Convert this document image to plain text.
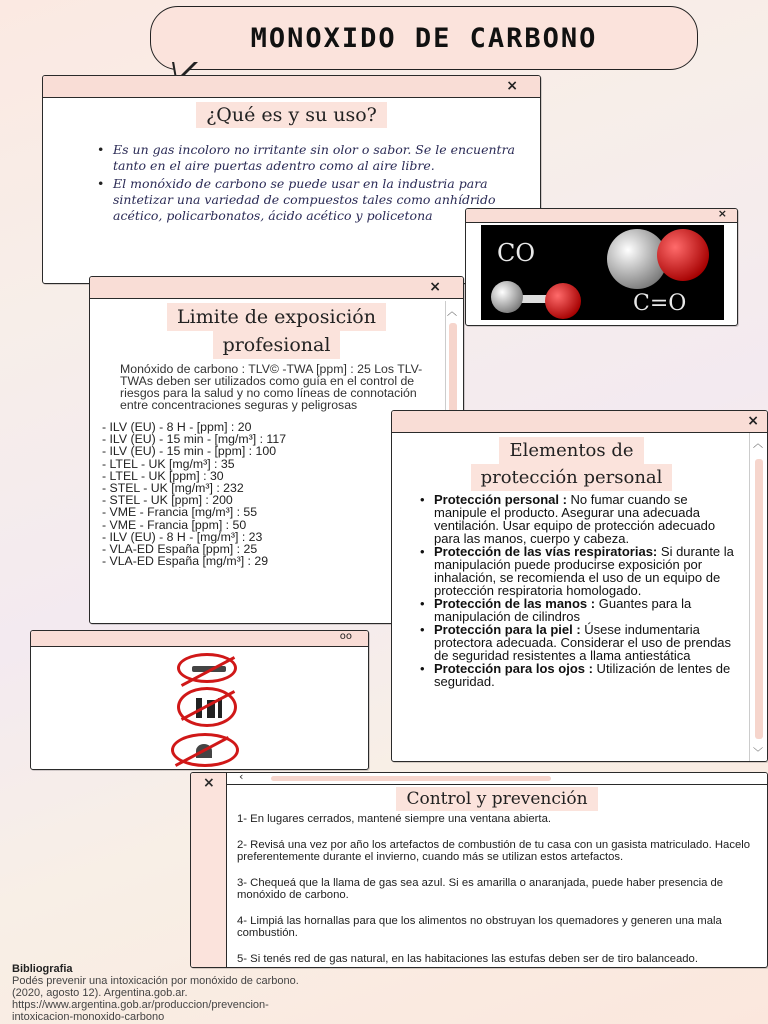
MONOXIDO DE CARBONO
×
¿Qué es y su uso?
• Es un gas incoloro no irritante sin olor o sabor. Se le encuentra tanto en el aire puertas adentro como al aire libre.
• El monóxido de carbono se puede usar en la industria para sintetizar una variedad de compuestos tales como anhídrido acético, policarbonatos, ácido acético y policetona	×
CO
C=O
×
Limite de exposición
profesional
Monóxido de carbono : TLV© -TWA [ppm] : 25 Los TLV-TWAs deben ser utilizados como guía en el control de riesgos para la salud y no como líneas de connotación entre concentraciones seguras y peligrosas
- ILV (EU) - 8 H - [ppm] : 20
- ILV (EU) - 15 min - [mg/m³] : 117
- ILV (EU) - 15 min - [ppm] : 100
- LTEL - UK [mg/m³] : 35
- LTEL - UK [ppm] : 30
- STEL - UK [mg/m³] : 232
- STEL - UK [ppm] : 200
- VME - Francia [mg/m³] : 55
- VME - Francia [ppm] : 50
- ILV (EU) - 8 H - [mg/m³] : 23
- VLA-ED España [ppm] : 25
- VLA-ED España [mg/m³] : 29
︿
oo
×
Elementos de
protección personal
• Protección personal : No fumar cuando se manipule el producto. Asegurar una adecuada ventilación. Usar equipo de protección adecuado para las manos, cuerpo y cabeza.
• Protección de las vías respiratorias: Si durante la manipulación puede producirse exposición por inhalación, se recomienda el uso de un equipo de protección respiratoria homologado.
• Protección de las manos : Guantes para la manipulación de cilindros
• Protección para la piel : Úsese indumentaria protectora adecuada. Considerar el uso de prendas de seguridad resistentes a llama antiestática
• Protección para los ojos : Utilización de lentes de seguridad.
︿
﹀
× ‹
Control y prevención

1- En lugares cerrados, mantené siempre una ventana abierta.

2- Revisá una vez por año los artefactos de combustión de tu casa con un gasista matriculado. Hacelo preferentemente durante el invierno, cuando más se utilizan estos artefactos.

3- Chequeá que la llama de gas sea azul. Si es amarilla o anaranjada, puede haber presencia de monóxido de carbono.

4- Limpiá las hornallas para que los alimentos no obstruyan los quemadores y generen una mala combustión.

5- Si tenés red de gas natural, en las habitaciones las estufas deben ser de tiro balanceado.

Bibliografia
Podés prevenir una intoxicación por monóxido de carbono.
(2020, agosto 12). Argentina.gob.ar.
https://www.argentina.gob.ar/produccion/prevencion-
intoxicacion-monoxido-carbono
